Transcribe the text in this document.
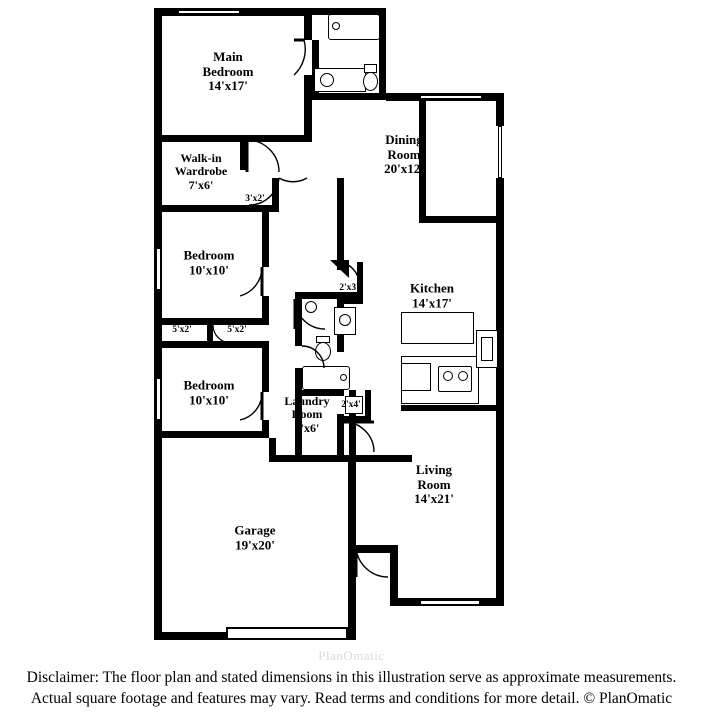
Main
Bedroom
14'x17'
Dining
Room
20'x12'
Walk-in
Wardrobe
7'x6'
Bedroom
10'x10'
Kitchen
14'x17'
Bedroom
10'x10'	Laundry
Room
6'x6'
Living
Room
14'x21'
Garage
19'x20'
3'x2'
2'x3'
5'x2'	5'x2'
2'x4'
PlanOmatic
Disclaimer: The floor plan and stated dimensions in this illustration serve as approximate measurements.
Actual square footage and features may vary. Read terms and conditions for more detail. © PlanOmatic
